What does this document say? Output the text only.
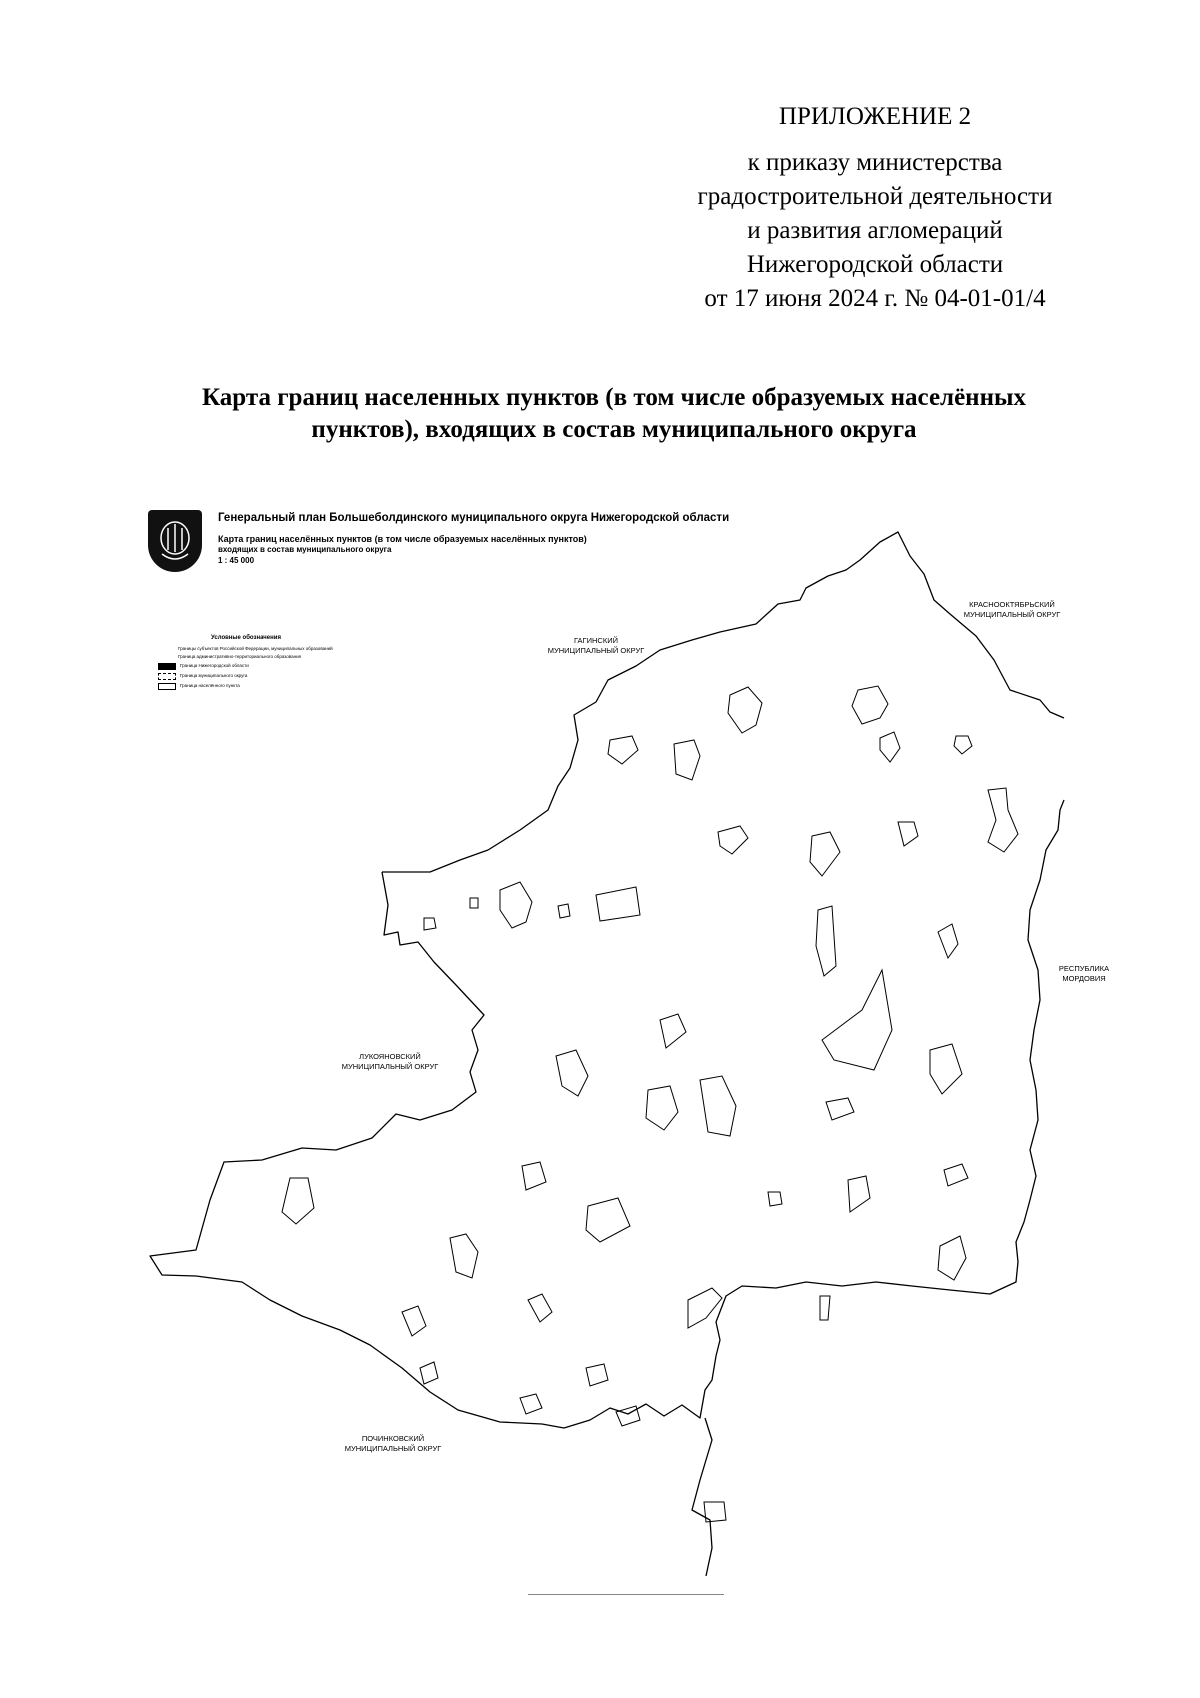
ПРИЛОЖЕНИЕ 2
к приказу министерства
градостроительной деятельности
и развития агломераций
Нижегородской области
от 17 июня 2024 г. № 04-01-01/4
Карта границ населенных пунктов (в том числе образуемых населённых
пунктов), входящих в состав муниципального округа
Генеральный план Большеболдинского муниципального округа Нижегородской области
Карта границ населённых пунктов (в том числе образуемых населённых пунктов)
входящих в состав муниципального округа
1 : 45 000
Условные обозначения
Границы субъектов Российской Федерации, муниципальных образований
Граница административно-территориального образования
Граница Нижегородской области
Граница муниципального округа
Граница населённого пункта
ГАГИНСКИЙ
МУНИЦИПАЛЬНЫЙ ОКРУГ
КРАСНООКТЯБРЬСКИЙ
МУНИЦИПАЛЬНЫЙ ОКРУГ
РЕСПУБЛИКА
МОРДОВИЯ
ЛУКОЯНОВСКИЙ
МУНИЦИПАЛЬНЫЙ ОКРУГ
ПОЧИНКОВСКИЙ
МУНИЦИПАЛЬНЫЙ ОКРУГ
